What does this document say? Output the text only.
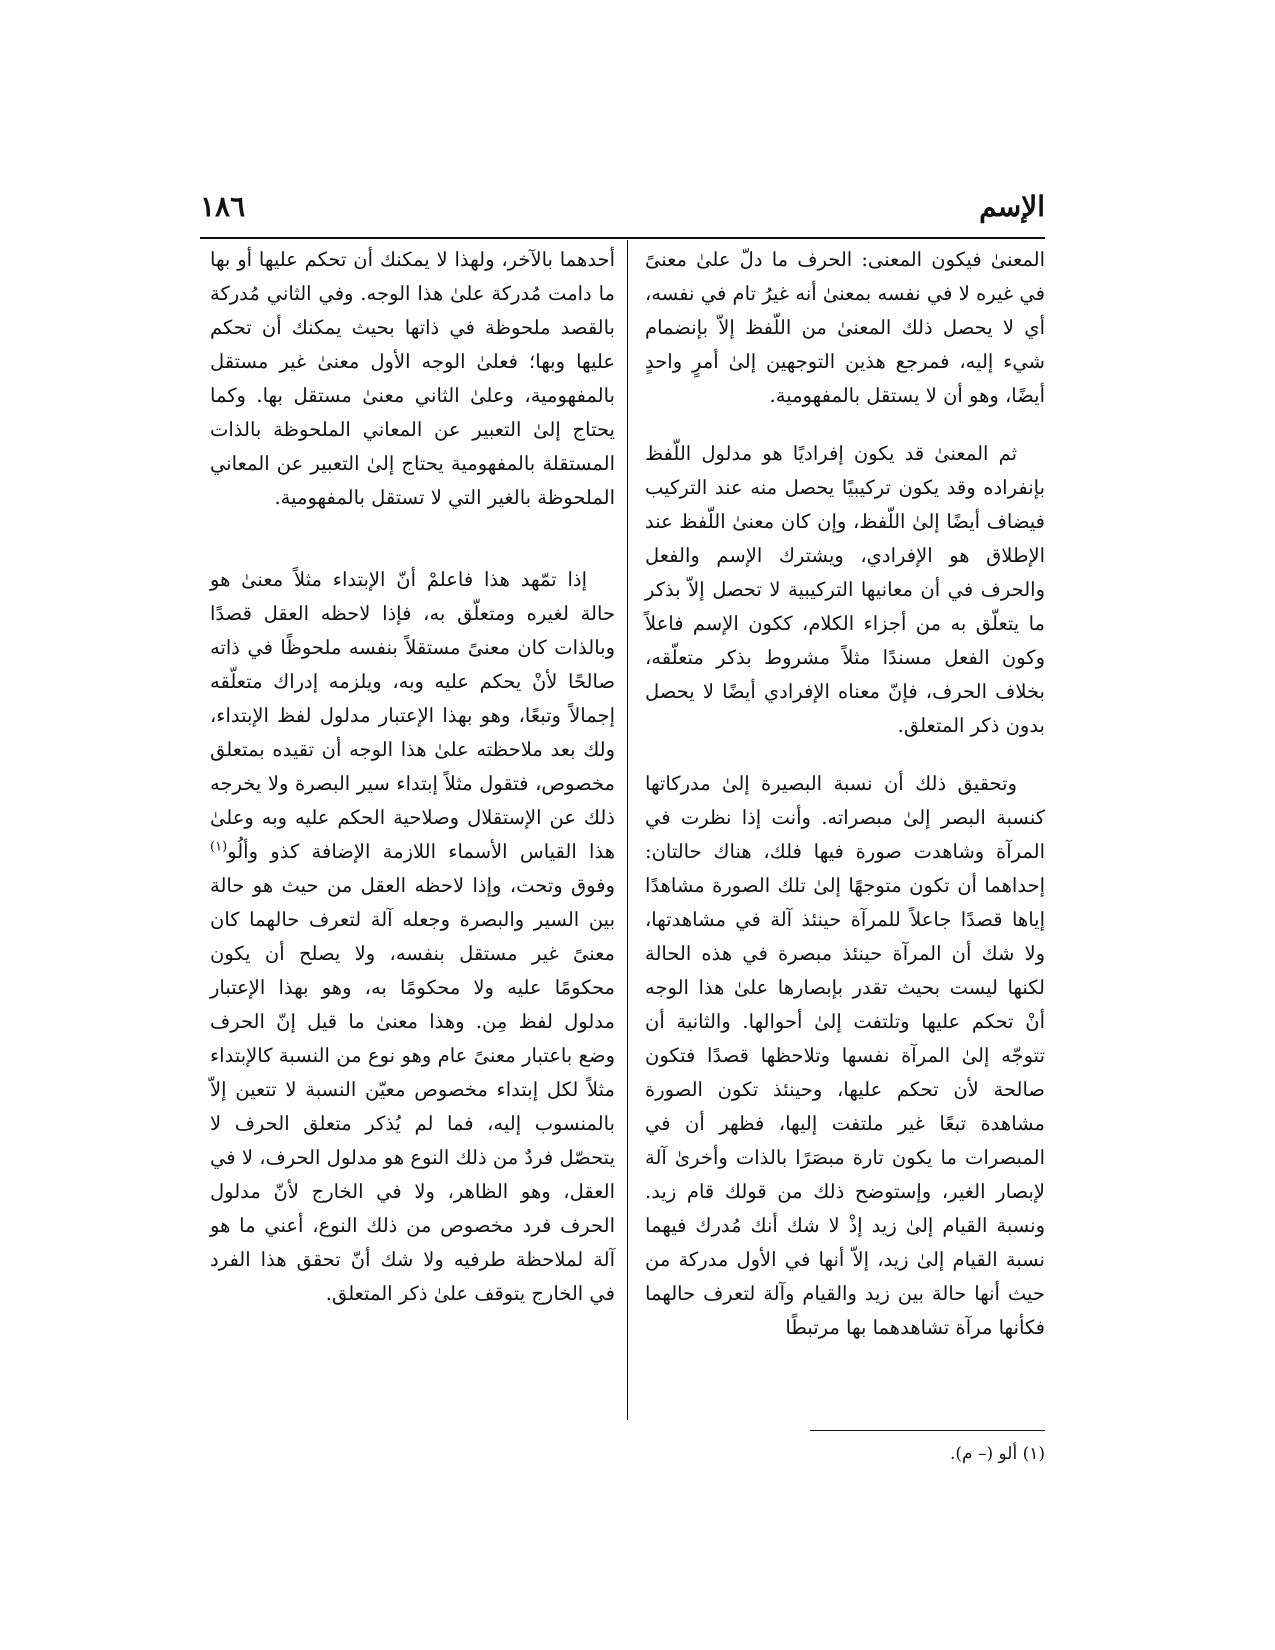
الإسم
١٨٦

المعنىٰ فيكون المعنى: الحرف ما دلّ علىٰ معنىً في غيره لا في نفسه بمعنىٰ أنه غيرُ تام في نفسه، أي لا يحصل ذلك المعنىٰ من اللّفظ إلاّ بإنضمام شيء إليه، فمرجع هذين التوجهين إلىٰ أمرٍ واحدٍ أيضًا، وهو أن لا يستقل بالمفهومية.

ثم المعنىٰ قد يكون إفراديًا هو مدلول اللّفظ بإنفراده وقد يكون تركيبيًا يحصل منه عند التركيب فيضاف أيضًا إلىٰ اللّفظ، وإن كان معنىٰ اللّفظ عند الإطلاق هو الإفرادي، ويشترك الإسم والفعل والحرف في أن معانيها التركيبية لا تحصل إلاّ بذكر ما يتعلّق به من أجزاء الكلام، ككون الإسم فاعلاً وكون الفعل مسندًا مثلاً مشروط بذكر متعلّقه، بخلاف الحرف، فإنّ معناه الإفرادي أيضًا لا يحصل بدون ذكر المتعلق.

وتحقيق ذلك أن نسبة البصيرة إلىٰ مدركاتها كنسبة البصر إلىٰ مبصراته. وأنت إذا نظرت في المرآة وشاهدت صورة فيها فلك، هناك حالتان: إحداهما أن تكون متوجهًا إلىٰ تلك الصورة مشاهدًا إياها قصدًا جاعلاً للمرآة حينئذ آلة في مشاهدتها، ولا شك أن المرآة حينئذ مبصرة في هذه الحالة لكنها ليست بحيث تقدر بإبصارها علىٰ هذا الوجه أنْ تحكم عليها وتلتفت إلىٰ أحوالها. والثانية أن تتوجّه إلىٰ المرآة نفسها وتلاحظها قصدًا فتكون صالحة لأن تحكم عليها، وحينئذ تكون الصورة مشاهدة تبعًا غير ملتفت إليها، فظهر أن في المبصرات ما يكون تارة مبصَرًا بالذات وأخرىٰ آلة لإبصار الغير، وإستوضح ذلك من قولك قام زيد. ونسبة القيام إلىٰ زيد إذْ لا شك أنك مُدرك فيهما نسبة القيام إلىٰ زيد، إلاّ أنها في الأول مدركة من حيث أنها حالة بين زيد والقيام وآلة لتعرف حالهما فكأنها مرآة تشاهدهما بها مرتبطًا

أحدهما بالآخر، ولهذا لا يمكنك أن تحكم عليها أو بها ما دامت مُدركة علىٰ هذا الوجه. وفي الثاني مُدركة بالقصد ملحوظة في ذاتها بحيث يمكنك أن تحكم عليها وبها؛ فعلىٰ الوجه الأول معنىٰ غير مستقل بالمفهومية، وعلىٰ الثاني معنىٰ مستقل بها. وكما يحتاج إلىٰ التعبير عن المعاني الملحوظة بالذات المستقلة بالمفهومية يحتاج إلىٰ التعبير عن المعاني الملحوظة بالغير التي لا تستقل بالمفهومية.

إذا تمّهد هذا فاعلمْ أنّ الإبتداء مثلاً معنىٰ هو حالة لغيره ومتعلّق به، فإذا لاحظه العقل قصدًا وبالذات كان معنىً مستقلاً بنفسه ملحوظًا في ذاته صالحًا لأنْ يحكم عليه وبه، ويلزمه إدراك متعلّقه إجمالاً وتبعًا، وهو بهذا الإعتبار مدلول لفظ الإبتداء، ولك بعد ملاحظته علىٰ هذا الوجه أن تقيده بمتعلق مخصوص، فتقول مثلاً إبتداء سير البصرة ولا يخرجه ذلك عن الإستقلال وصلاحية الحكم عليه وبه وعلىٰ هذا القياس الأسماء اللازمة الإضافة كذو وألُو$^{(١)}$ وفوق وتحت، وإذا لاحظه العقل من حيث هو حالة بين السير والبصرة وجعله آلة لتعرف حالهما كان معنىً غير مستقل بنفسه، ولا يصلح أن يكون محكومًا عليه ولا محكومًا به، وهو بهذا الإعتبار مدلول لفظ مِن. وهذا معنىٰ ما قيل إنّ الحرف وضع باعتبار معنىً عام وهو نوع من النسبة كالإبتداء مثلاً لكل إبتداء مخصوص معيّن النسبة لا تتعين إلاّ بالمنسوب إليه، فما لم يُذكر متعلق الحرف لا يتحصّل فردٌ من ذلك النوع هو مدلول الحرف، لا في العقل، وهو الظاهر، ولا في الخارج لأنّ مدلول الحرف فرد مخصوص من ذلك النوع، أعني ما هو آلة لملاحظة طرفيه ولا شك أنّ تحقق هذا الفرد في الخارج يتوقف علىٰ ذكر المتعلق.

(١) ألو (– م).
